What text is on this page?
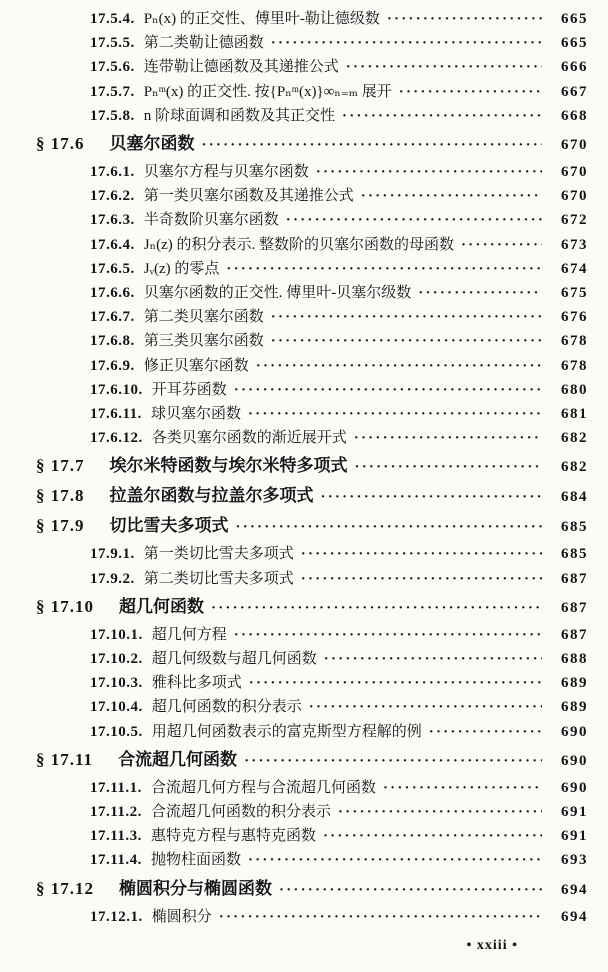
17.5.4. Pₙ(x) 的正交性、傅里叶-勒让德级数 ·····	665
17.5.5. 第二类勒让德函数 ·····	665
17.5.6. 连带勒让德函数及其递推公式 ·····	666
17.5.7. Pₙᵐ(x) 的正交性. 按{Pₙᵐ(x)}∞ₙ₌ₘ 展开 ·····	667
17.5.8. n 阶球面调和函数及其正交性 ·····	668
§ 17.6 贝塞尔函数 ·····	670
17.6.1. 贝塞尔方程与贝塞尔函数 ·····	670
17.6.2. 第一类贝塞尔函数及其递推公式 ·····	670
17.6.3. 半奇数阶贝塞尔函数 ·····	672
17.6.4. Jₙ(z) 的积分表示. 整数阶的贝塞尔函数的母函数 ·····	673
17.6.5. Jᵥ(z) 的零点 ·····	674
17.6.6. 贝塞尔函数的正交性. 傅里叶-贝塞尔级数 ·····	675
17.6.7. 第二类贝塞尔函数 ·····	676
17.6.8. 第三类贝塞尔函数 ·····	678
17.6.9. 修正贝塞尔函数 ·····	678
17.6.10. 开耳芬函数 ·····	680
17.6.11. 球贝塞尔函数 ·····	681
17.6.12. 各类贝塞尔函数的渐近展开式 ·····	682
§ 17.7 埃尔米特函数与埃尔米特多项式 ·····	682
§ 17.8 拉盖尔函数与拉盖尔多项式 ·····	684
§ 17.9 切比雪夫多项式 ·····	685
17.9.1. 第一类切比雪夫多项式 ·····	685
17.9.2. 第二类切比雪夫多项式 ·····	687
§ 17.10 超几何函数 ·····	687
17.10.1. 超几何方程 ·····	687
17.10.2. 超几何级数与超几何函数 ·····	688
17.10.3. 雅科比多项式 ·····	689
17.10.4. 超几何函数的积分表示 ·····	689
17.10.5. 用超几何函数表示的富克斯型方程解的例 ·····	690
§ 17.11 合流超几何函数 ·····	690
17.11.1. 合流超几何方程与合流超几何函数 ·····	690
17.11.2. 合流超几何函数的积分表示 ·····	691
17.11.3. 惠特克方程与惠特克函数 ·····	691
17.11.4. 抛物柱面函数 ·····	693
§ 17.12 椭圆积分与椭圆函数 ·····	694
17.12.1. 椭圆积分 ·····	694
• xxiii •
